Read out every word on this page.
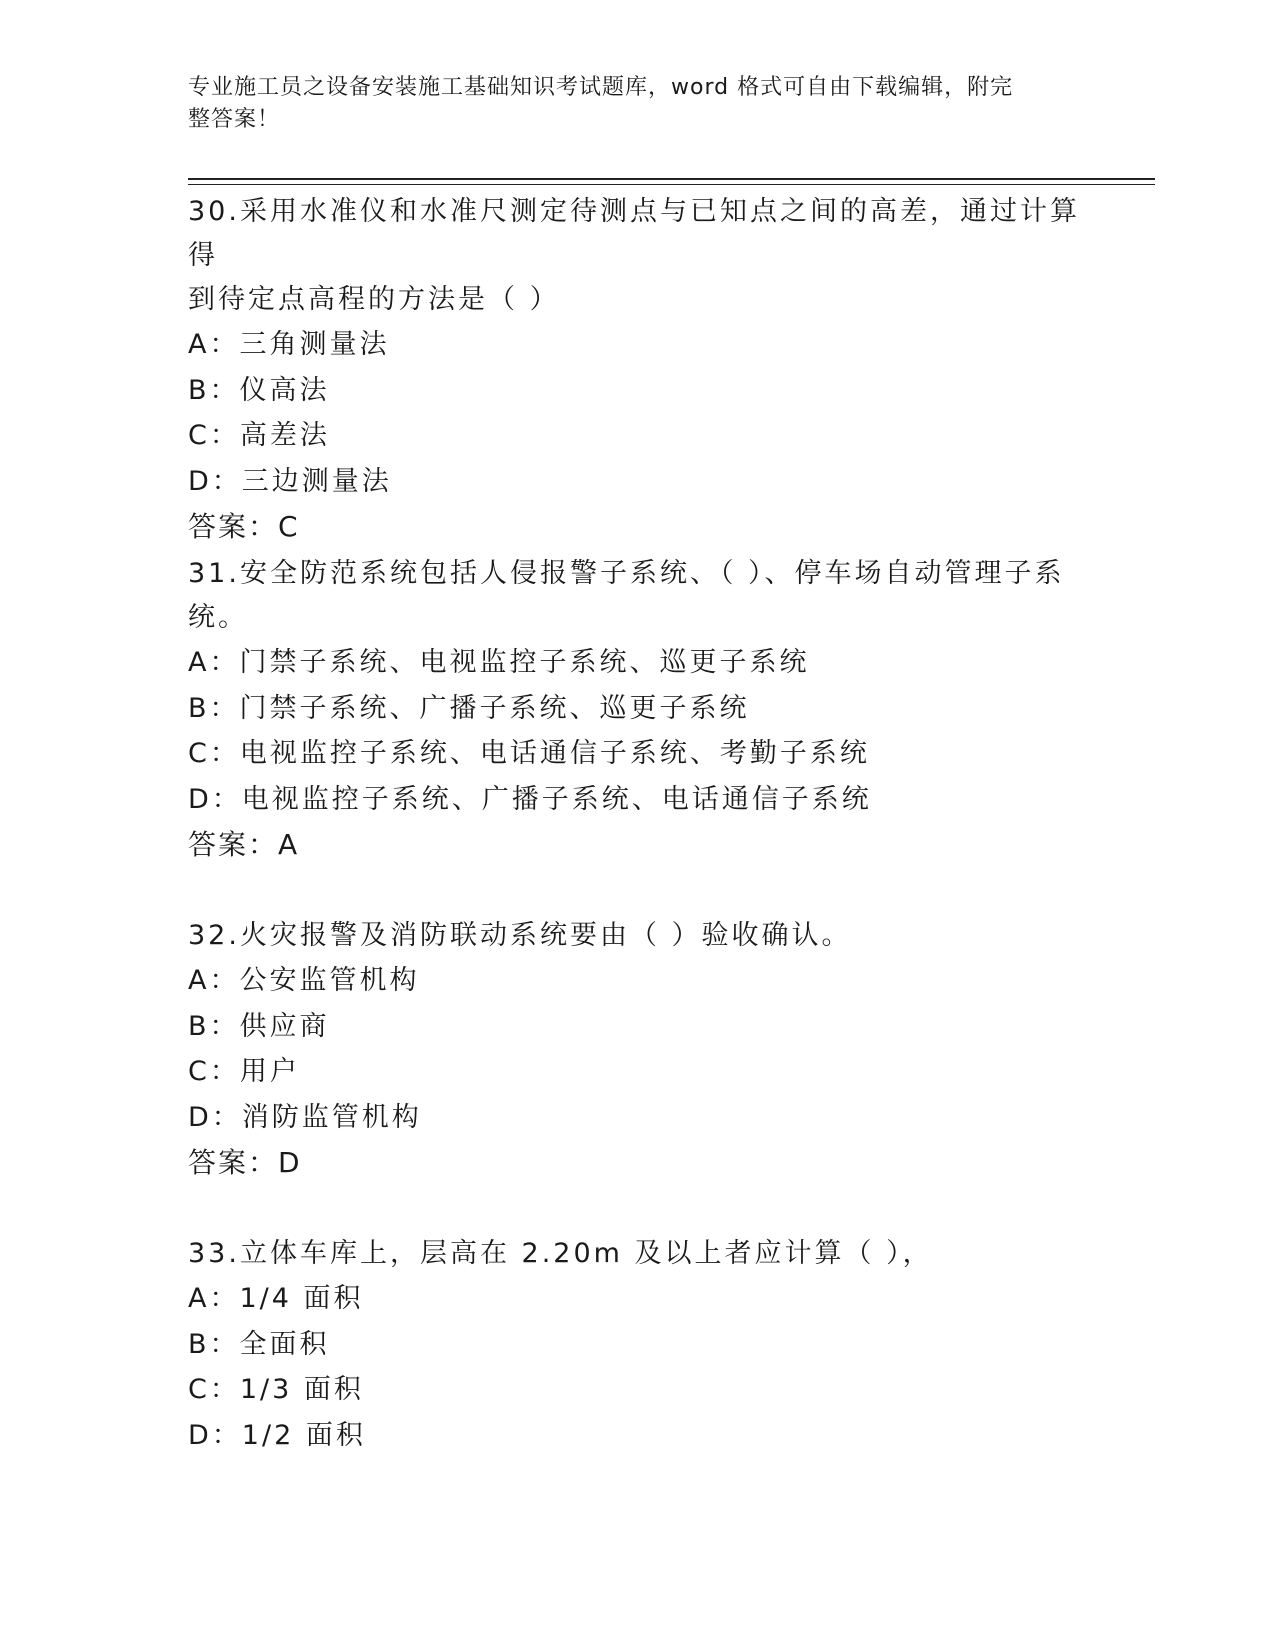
专业施工员之设备安装施工基础知识考试题库，word 格式可自由下载编辑，附完
整答案！
30.采用水准仪和水准尺测定待测点与已知点之间的高差，通过计算得
到待定点高程的方法是（ ）
A：三角测量法
B：仪高法
C：高差法
D：三边测量法
答案：C
31.安全防范系统包括人侵报警子系统、（ ）、停车场自动管理子系
统。
A：门禁子系统、电视监控子系统、巡更子系统
B：门禁子系统、广播子系统、巡更子系统
C：电视监控子系统、电话通信子系统、考勤子系统
D：电视监控子系统、广播子系统、电话通信子系统
答案：A
32.火灾报警及消防联动系统要由（ ）验收确认。
A：公安监管机构
B：供应商
C：用户
D：消防监管机构
答案：D
33.立体车库上，层高在 2.20m 及以上者应计算（ ），
A：1/4 面积
B：全面积
C：1/3 面积
D：1/2 面积
